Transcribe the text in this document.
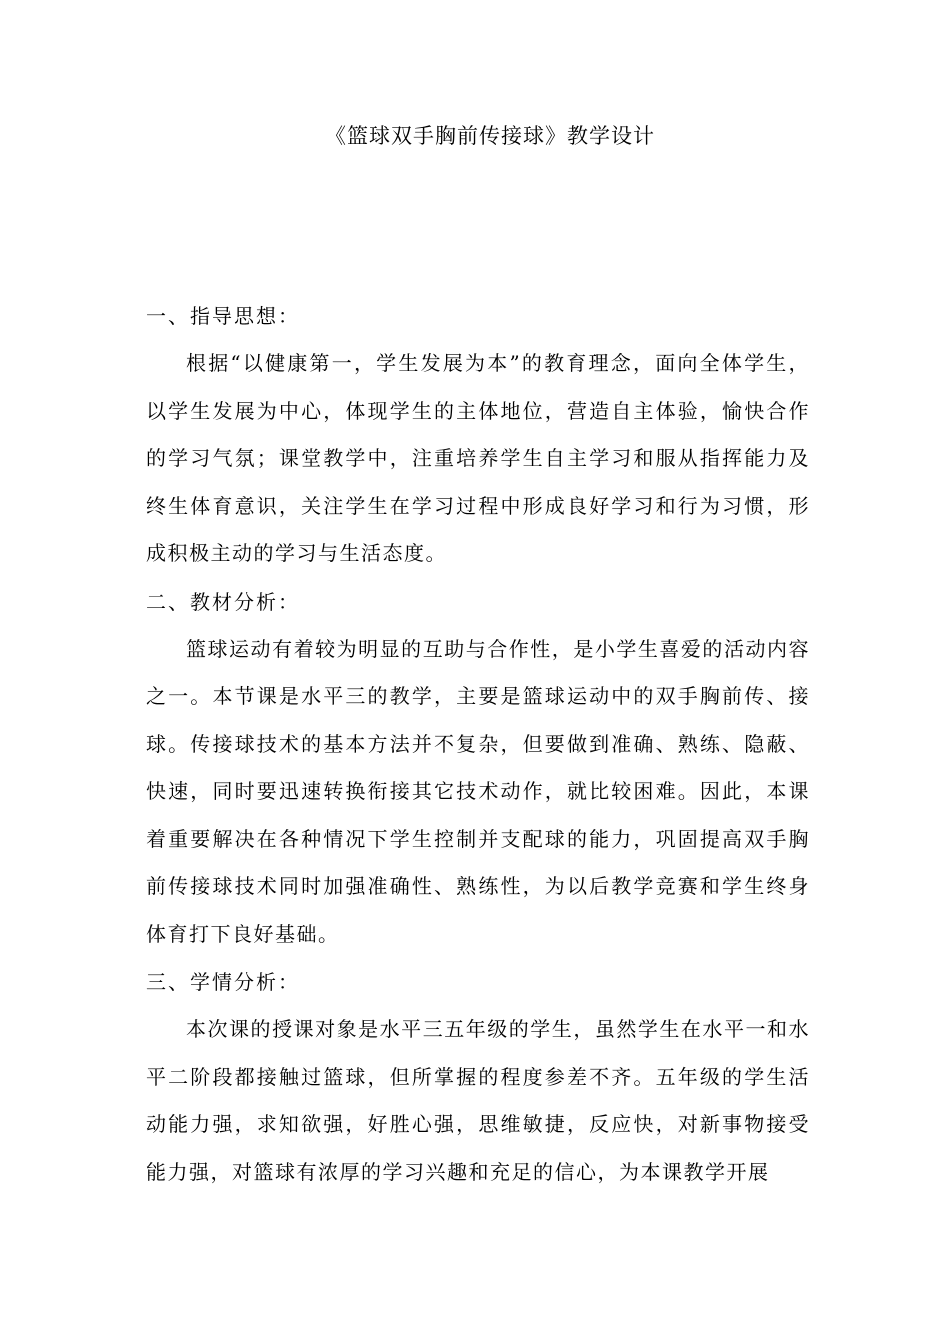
《篮球双手胸前传接球》教学设计
一、指导思想：

根据“以健康第一，学生发展为本”的教育理念，面向全体学生，以学生发展为中心，体现学生的主体地位，营造自主体验，愉快合作的学习气氛；课堂教学中，注重培养学生自主学习和服从指挥能力及终生体育意识，关注学生在学习过程中形成良好学习和行为习惯，形成积极主动的学习与生活态度。

二、教材分析：

篮球运动有着较为明显的互助与合作性，是小学生喜爱的活动内容之一。本节课是水平三的教学，主要是篮球运动中的双手胸前传、接球。传接球技术的基本方法并不复杂，但要做到准确、熟练、隐蔽、快速，同时要迅速转换衔接其它技术动作，就比较困难。因此，本课着重要解决在各种情况下学生控制并支配球的能力，巩固提高双手胸前传接球技术同时加强准确性、熟练性，为以后教学竞赛和学生终身体育打下良好基础。

三、学情分析：

本次课的授课对象是水平三五年级的学生，虽然学生在水平一和水平二阶段都接触过篮球，但所掌握的程度参差不齐。五年级的学生活动能力强，求知欲强，好胜心强，思维敏捷，反应快，对新事物接受能力强，对篮球有浓厚的学习兴趣和充足的信心，为本课教学开展
